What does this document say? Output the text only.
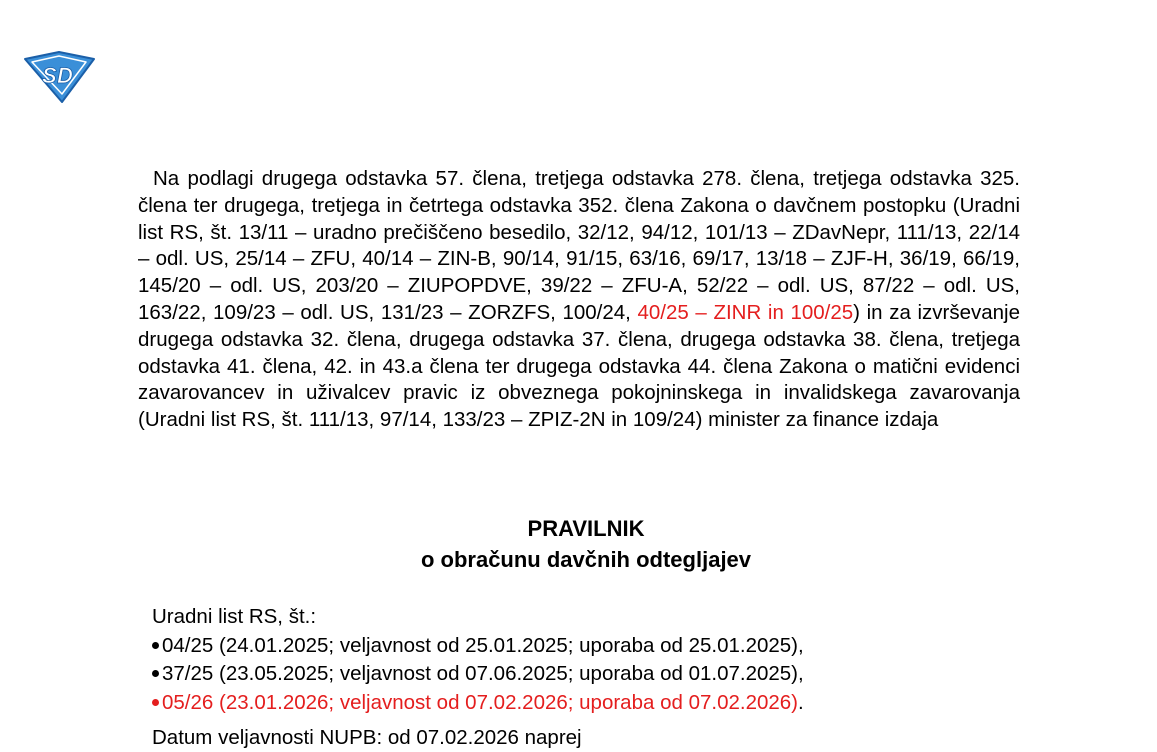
S D

Na podlagi drugega odstavka 57. člena, tretjega odstavka 278. člena, tretjega odstavka 325. člena ter drugega, tretjega in četrtega odstavka 352. člena Zakona o davčnem postopku (Uradni list RS, št. 13/11 – uradno prečiščeno besedilo, 32/12, 94/12, 101/13 – ZDavNepr, 111/13, 22/14 – odl. US, 25/14 – ZFU, 40/14 – ZIN-B, 90/14, 91/15, 63/16, 69/17, 13/18 – ZJF-H, 36/19, 66/19, 145/20 – odl. US, 203/20 – ZIUPOPDVE, 39/22 – ZFU-A, 52/22 – odl. US, 87/22 – odl. US, 163/22, 109/23 – odl. US, 131/23 – ZORZFS, 100/24, 40/25 – ZINR in 100/25) in za izvrševanje drugega odstavka 32. člena, drugega odstavka 37. člena, drugega odstavka 38. člena, tretjega odstavka 41. člena, 42. in 43.a člena ter drugega odstavka 44. člena Zakona o matični evidenci zavarovancev in uživalcev pravic iz obveznega pokojninskega in invalidskega zavarovanja (Uradni list RS, št. 111/13, 97/14, 133/23 – ZPIZ-2N in 109/24) minister za finance izdaja

PRAVILNIK
o obračunu davčnih odtegljajev
Uradni list RS, št.:
04/25 (24.01.2025; veljavnost od 25.01.2025; uporaba od 25.01.2025),
37/25 (23.05.2025; veljavnost od 07.06.2025; uporaba od 01.07.2025),
05/26 (23.01.2026; veljavnost od 07.02.2026; uporaba od 07.02.2026) .
Datum veljavnosti NUPB: od 07.02.2026 naprej
